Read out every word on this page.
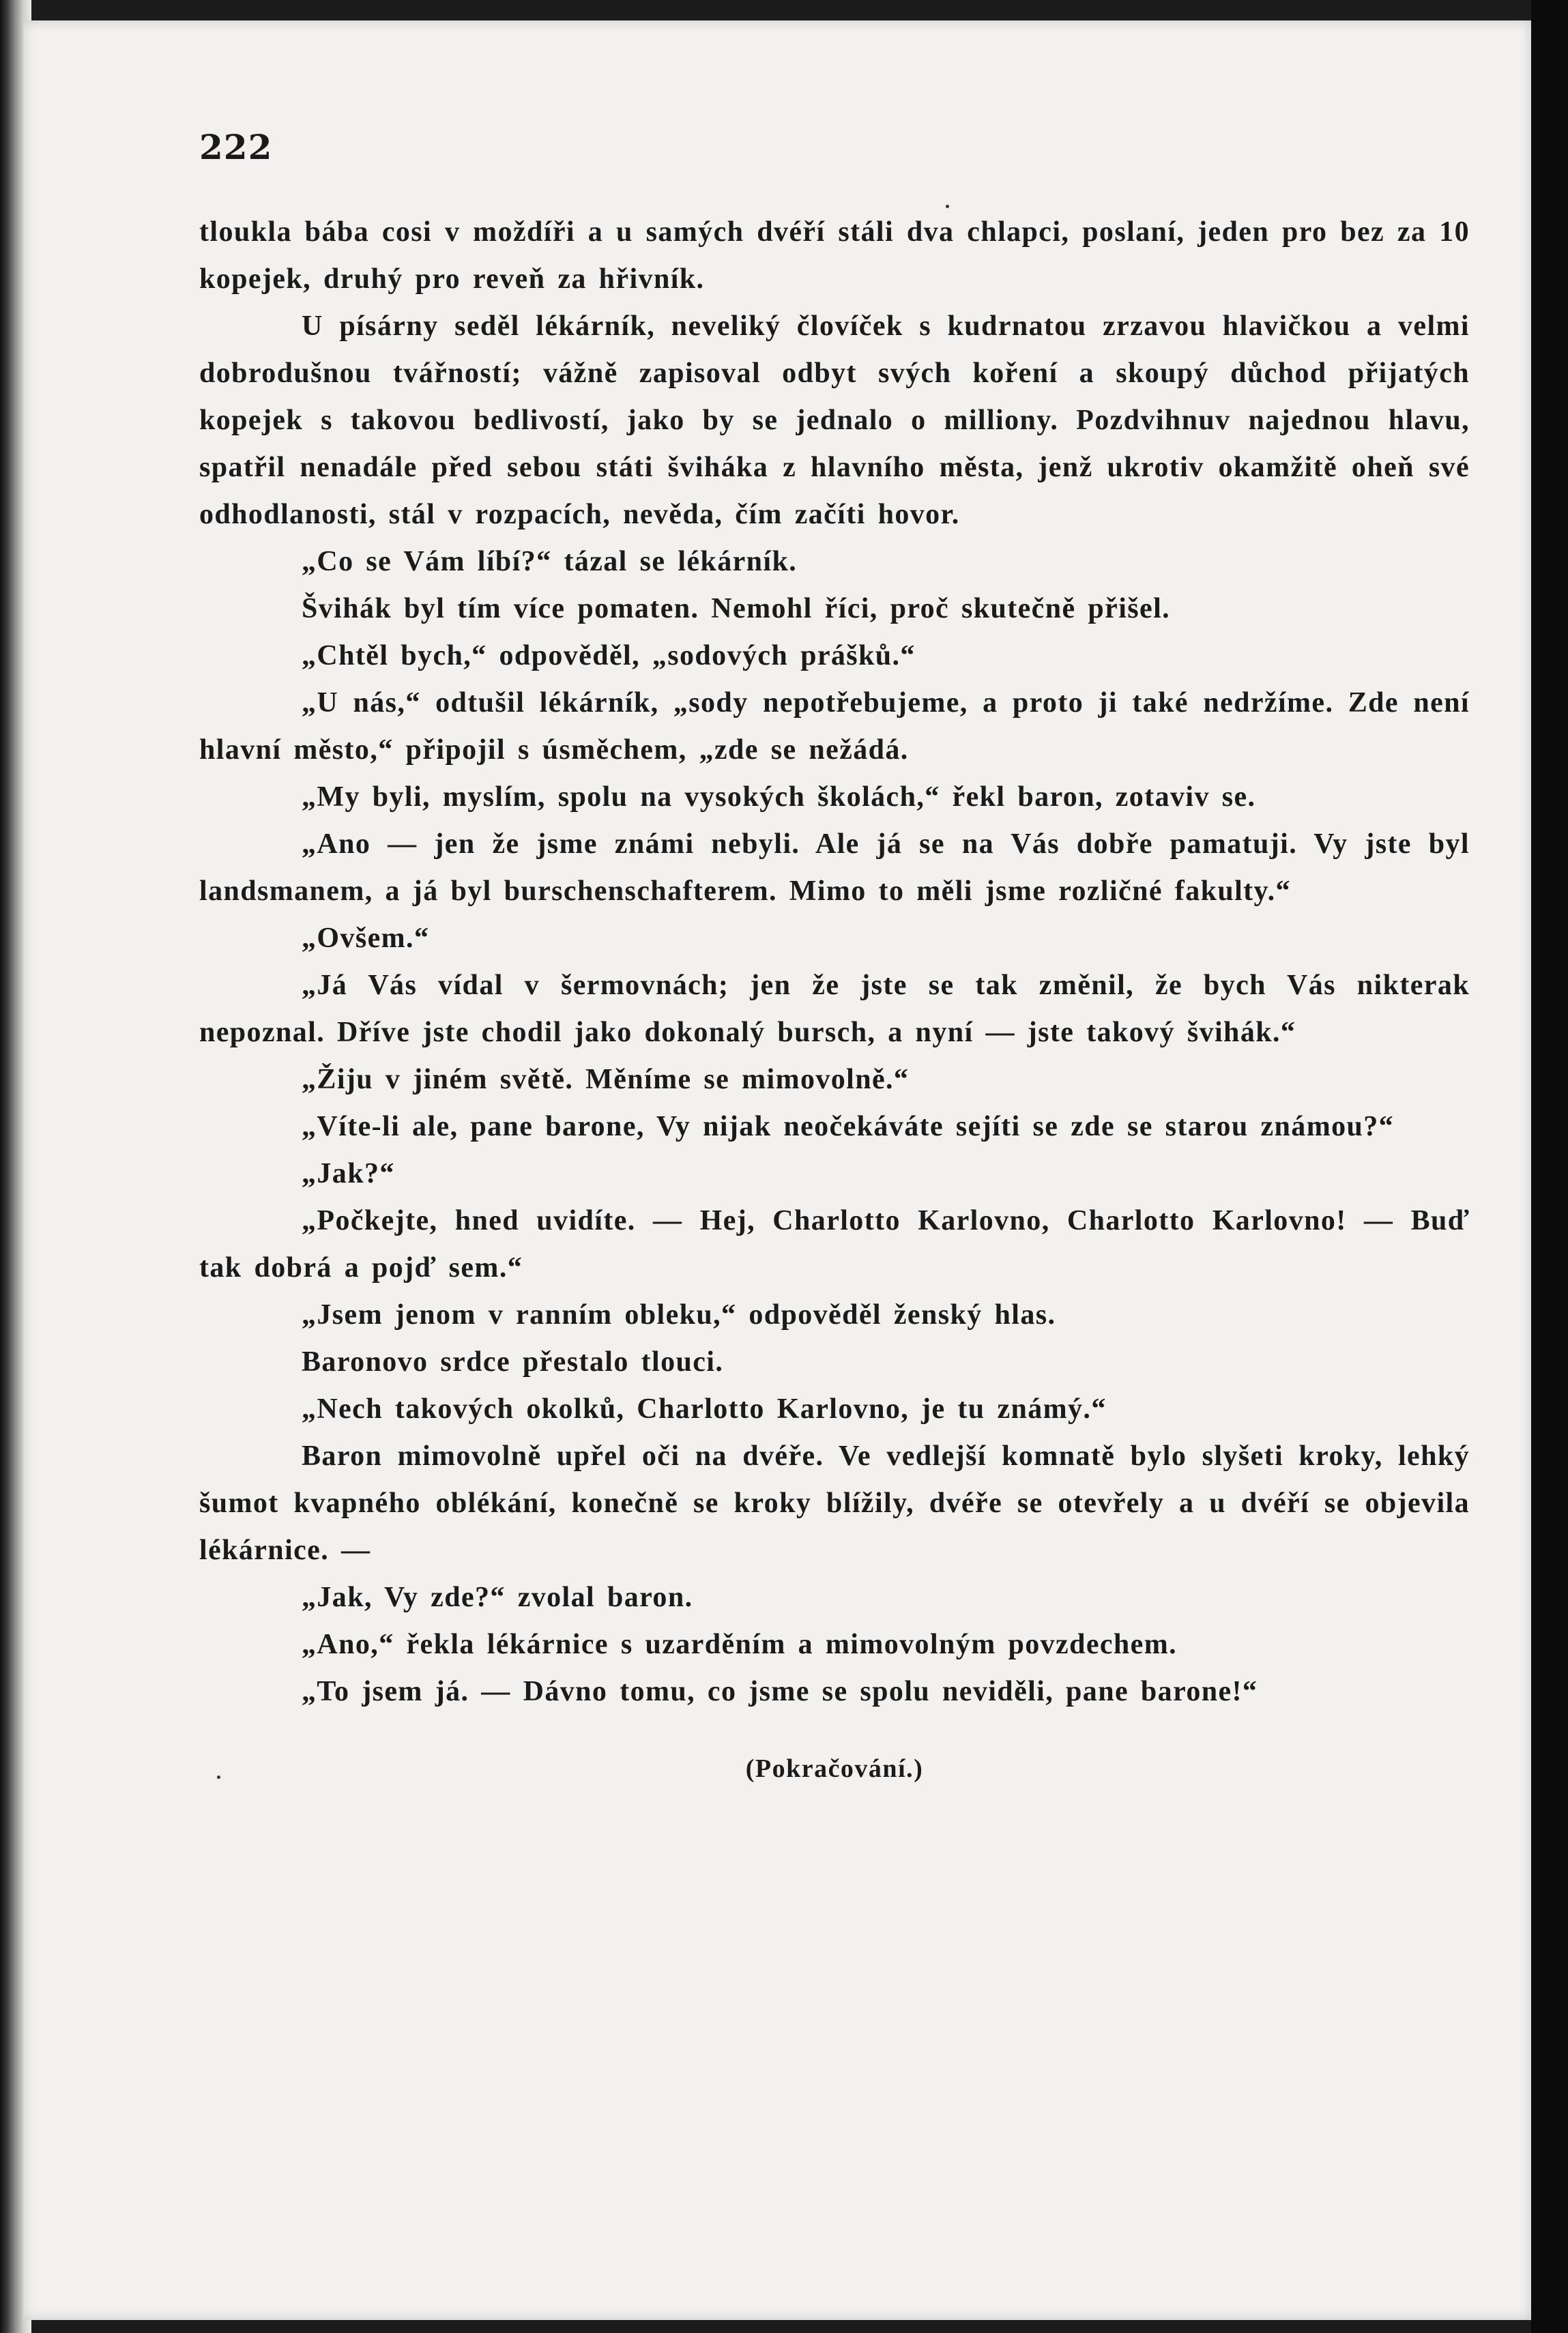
222

tloukla bába cosi v moždíři a u samých dvéří stáli dva chlapci, poslaní, jeden pro bez za 10 kopejek, druhý pro reveň za hřivník.

U písárny seděl lékárník, neveliký človíček s kudrnatou zrzavou hlavičkou a velmi dobrodušnou tvářností; vážně zapisoval odbyt svých koření a skoupý důchod přijatých kopejek s takovou bedlivostí, jako by se jednalo o milliony. Pozdvihnuv najednou hlavu, spatřil nenadále před sebou státi šviháka z hlavního města, jenž ukrotiv okamžitě oheň své odhodlanosti, stál v rozpacích, nevěda, čím začíti hovor.

„Co se Vám líbí?“ tázal se lékárník.

Švihák byl tím více pomaten. Nemohl říci, proč skutečně přišel.

„Chtěl bych,“ odpověděl, „sodových prášků.“

„U nás,“ odtušil lékárník, „sody nepotřebujeme, a proto ji také nedržíme. Zde není hlavní město,“ připojil s úsměchem, „zde se nežádá.

„My byli, myslím, spolu na vysokých školách,“ řekl baron, zotaviv se.

„Ano — jen že jsme známi nebyli. Ale já se na Vás dobře pamatuji. Vy jste byl landsmanem, a já byl burschenschafterem. Mimo to měli jsme rozličné fakulty.“

„Ovšem.“

„Já Vás vídal v šermovnách; jen že jste se tak změnil, že bych Vás nikterak nepoznal. Dříve jste chodil jako dokonalý bursch, a nyní — jste takový švihák.“

„Žiju v jiném světě. Měníme se mimovolně.“

„Víte-li ale, pane barone, Vy nijak neočekáváte sejíti se zde se starou známou?“

„Jak?“

„Počkejte, hned uvidíte. — Hej, Charlotto Karlovno, Charlotto Karlovno! — Buď tak dobrá a pojď sem.“

„Jsem jenom v ranním obleku,“ odpověděl ženský hlas.

Baronovo srdce přestalo tlouci.

„Nech takových okolků, Charlotto Karlovno, je tu známý.“

Baron mimovolně upřel oči na dvéře. Ve vedlejší komnatě bylo slyšeti kroky, lehký šumot kvapného oblékání, konečně se kroky blížily, dvéře se otevřely a u dvéří se objevila lékárnice. —

„Jak, Vy zde?“ zvolal baron.

„Ano,“ řekla lékárnice s uzarděním a mimovolným povzdechem.

„To jsem já. — Dávno tomu, co jsme se spolu neviděli, pane barone!“

(Pokračování.)
